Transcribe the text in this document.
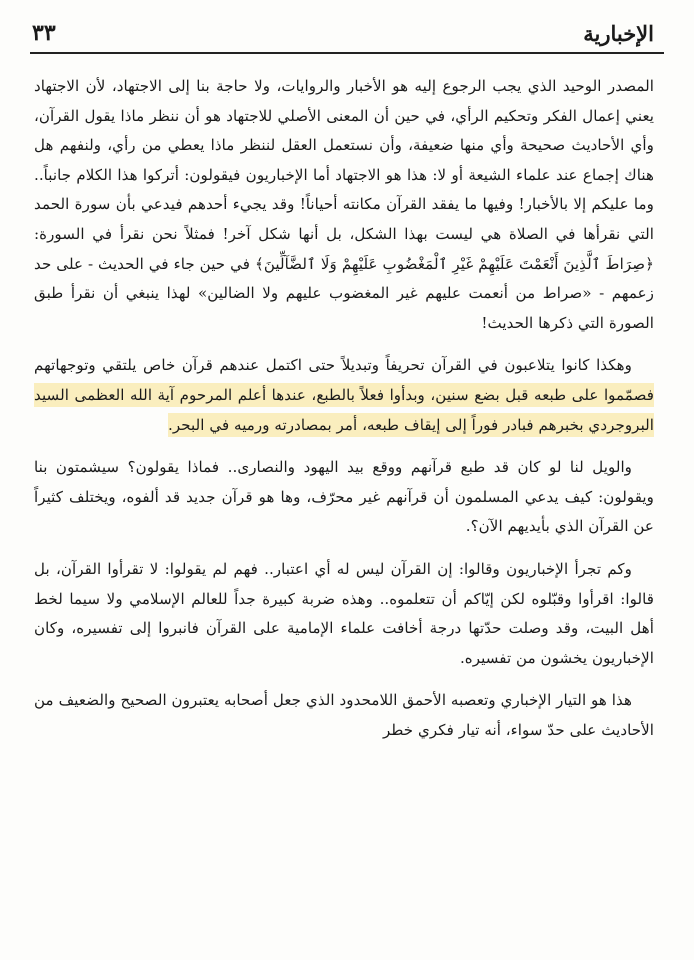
الإخبارية
٣٣

المصدر الوحيد الذي يجب الرجوع إليه هو الأخبار والروايات، ولا حاجة بنا إلى الاجتهاد، لأن الاجتهاد يعني إعمال الفكر وتحكيم الرأي، في حين أن المعنى الأصلي للاجتهاد هو أن ننظر ماذا يقول القرآن، وأي الأحاديث صحيحة وأي منها ضعيفة، وأن نستعمل العقل لننظر ماذا يعطي من رأي، ولنفهم هل هناك إجماع عند علماء الشيعة أو لا: هذا هو الاجتهاد أما الإخباريون فيقولون: أتركوا هذا الكلام جانباً.. وما عليكم إلا بالأخبار! وفيها ما يفقد القرآن مكانته أحياناً! وقد يجيء أحدهم فيدعي بأن سورة الحمد التي نقرأها في الصلاة هي ليست بهذا الشكل، بل أنها شكل آخر! فمثلاً نحن نقرأ في السورة: ﴿صِرَاطَ ٱلَّذِينَ أَنْعَمْتَ عَلَيْهِمْ غَيْرِ ٱلْمَغْضُوبِ عَلَيْهِمْ وَلَا ٱلضَّآلِّينَ﴾ في حين جاء في الحديث - على حد زعمهم - «صراط من أنعمت عليهم غير المغضوب عليهم ولا الضالين» لهذا ينبغي أن نقرأ طبق الصورة التي ذكرها الحديث!

وهكذا كانوا يتلاعبون في القرآن تحريفاً وتبديلاً حتى اكتمل عندهم قرآن خاص يلتقي وتوجهاتهم فصمّموا على طبعه قبل بضع سنين، وبدأوا فعلاً بالطبع، عندها أعلم المرحوم آية الله العظمى السيد البروجردي بخبرهم فبادر فوراً إلى إيقاف طبعه، أمر بمصادرته ورميه في البحر.

والويل لنا لو كان قد طبع قرآنهم ووقع بيد اليهود والنصارى.. فماذا يقولون؟ سيشمتون بنا ويقولون: كيف يدعي المسلمون أن قرآنهم غير محرّف، وها هو قرآن جديد قد ألفوه، ويختلف كثيراً عن القرآن الذي بأيديهم الآن؟.

وكم تجرأ الإخباريون وقالوا: إن القرآن ليس له أي اعتبار.. فهم لم يقولوا: لا تقرأوا القرآن، بل قالوا: اقرأوا وقبّلوه لكن إيّاكم أن تتعلموه.. وهذه ضربة كبيرة جداً للعالم الإسلامي ولا سيما لخط أهل البيت، وقد وصلت حدّتها درجة أخافت علماء الإمامية على القرآن فانبروا إلى تفسيره، وكان الإخباريون يخشون من تفسيره.

هذا هو التيار الإخباري وتعصبه الأحمق اللامحدود الذي جعل أصحابه يعتبرون الصحيح والضعيف من الأحاديث على حدّ سواء، أنه تيار فكري خطر
